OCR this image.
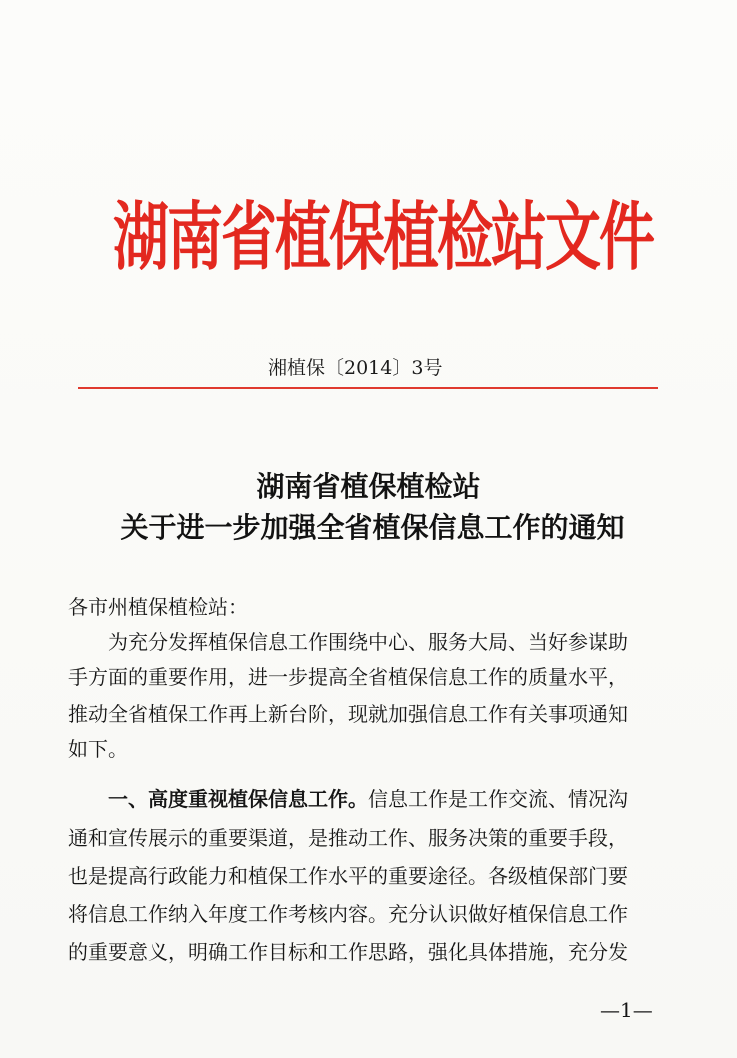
湖南省植保植检站文件
湘植保〔2014〕3号
湖南省植保植检站
关于进一步加强全省植保信息工作的通知
各市州植保植检站：
为充分发挥植保信息工作围绕中心、服务大局、当好参谋助
手方面的重要作用，进一步提高全省植保信息工作的质量水平，
推动全省植保工作再上新台阶，现就加强信息工作有关事项通知
如下。
一、高度重视植保信息工作。信息工作是工作交流、情况沟
通和宣传展示的重要渠道，是推动工作、服务决策的重要手段，
也是提高行政能力和植保工作水平的重要途径。各级植保部门要
将信息工作纳入年度工作考核内容。充分认识做好植保信息工作
的重要意义，明确工作目标和工作思路，强化具体措施，充分发
—1—
